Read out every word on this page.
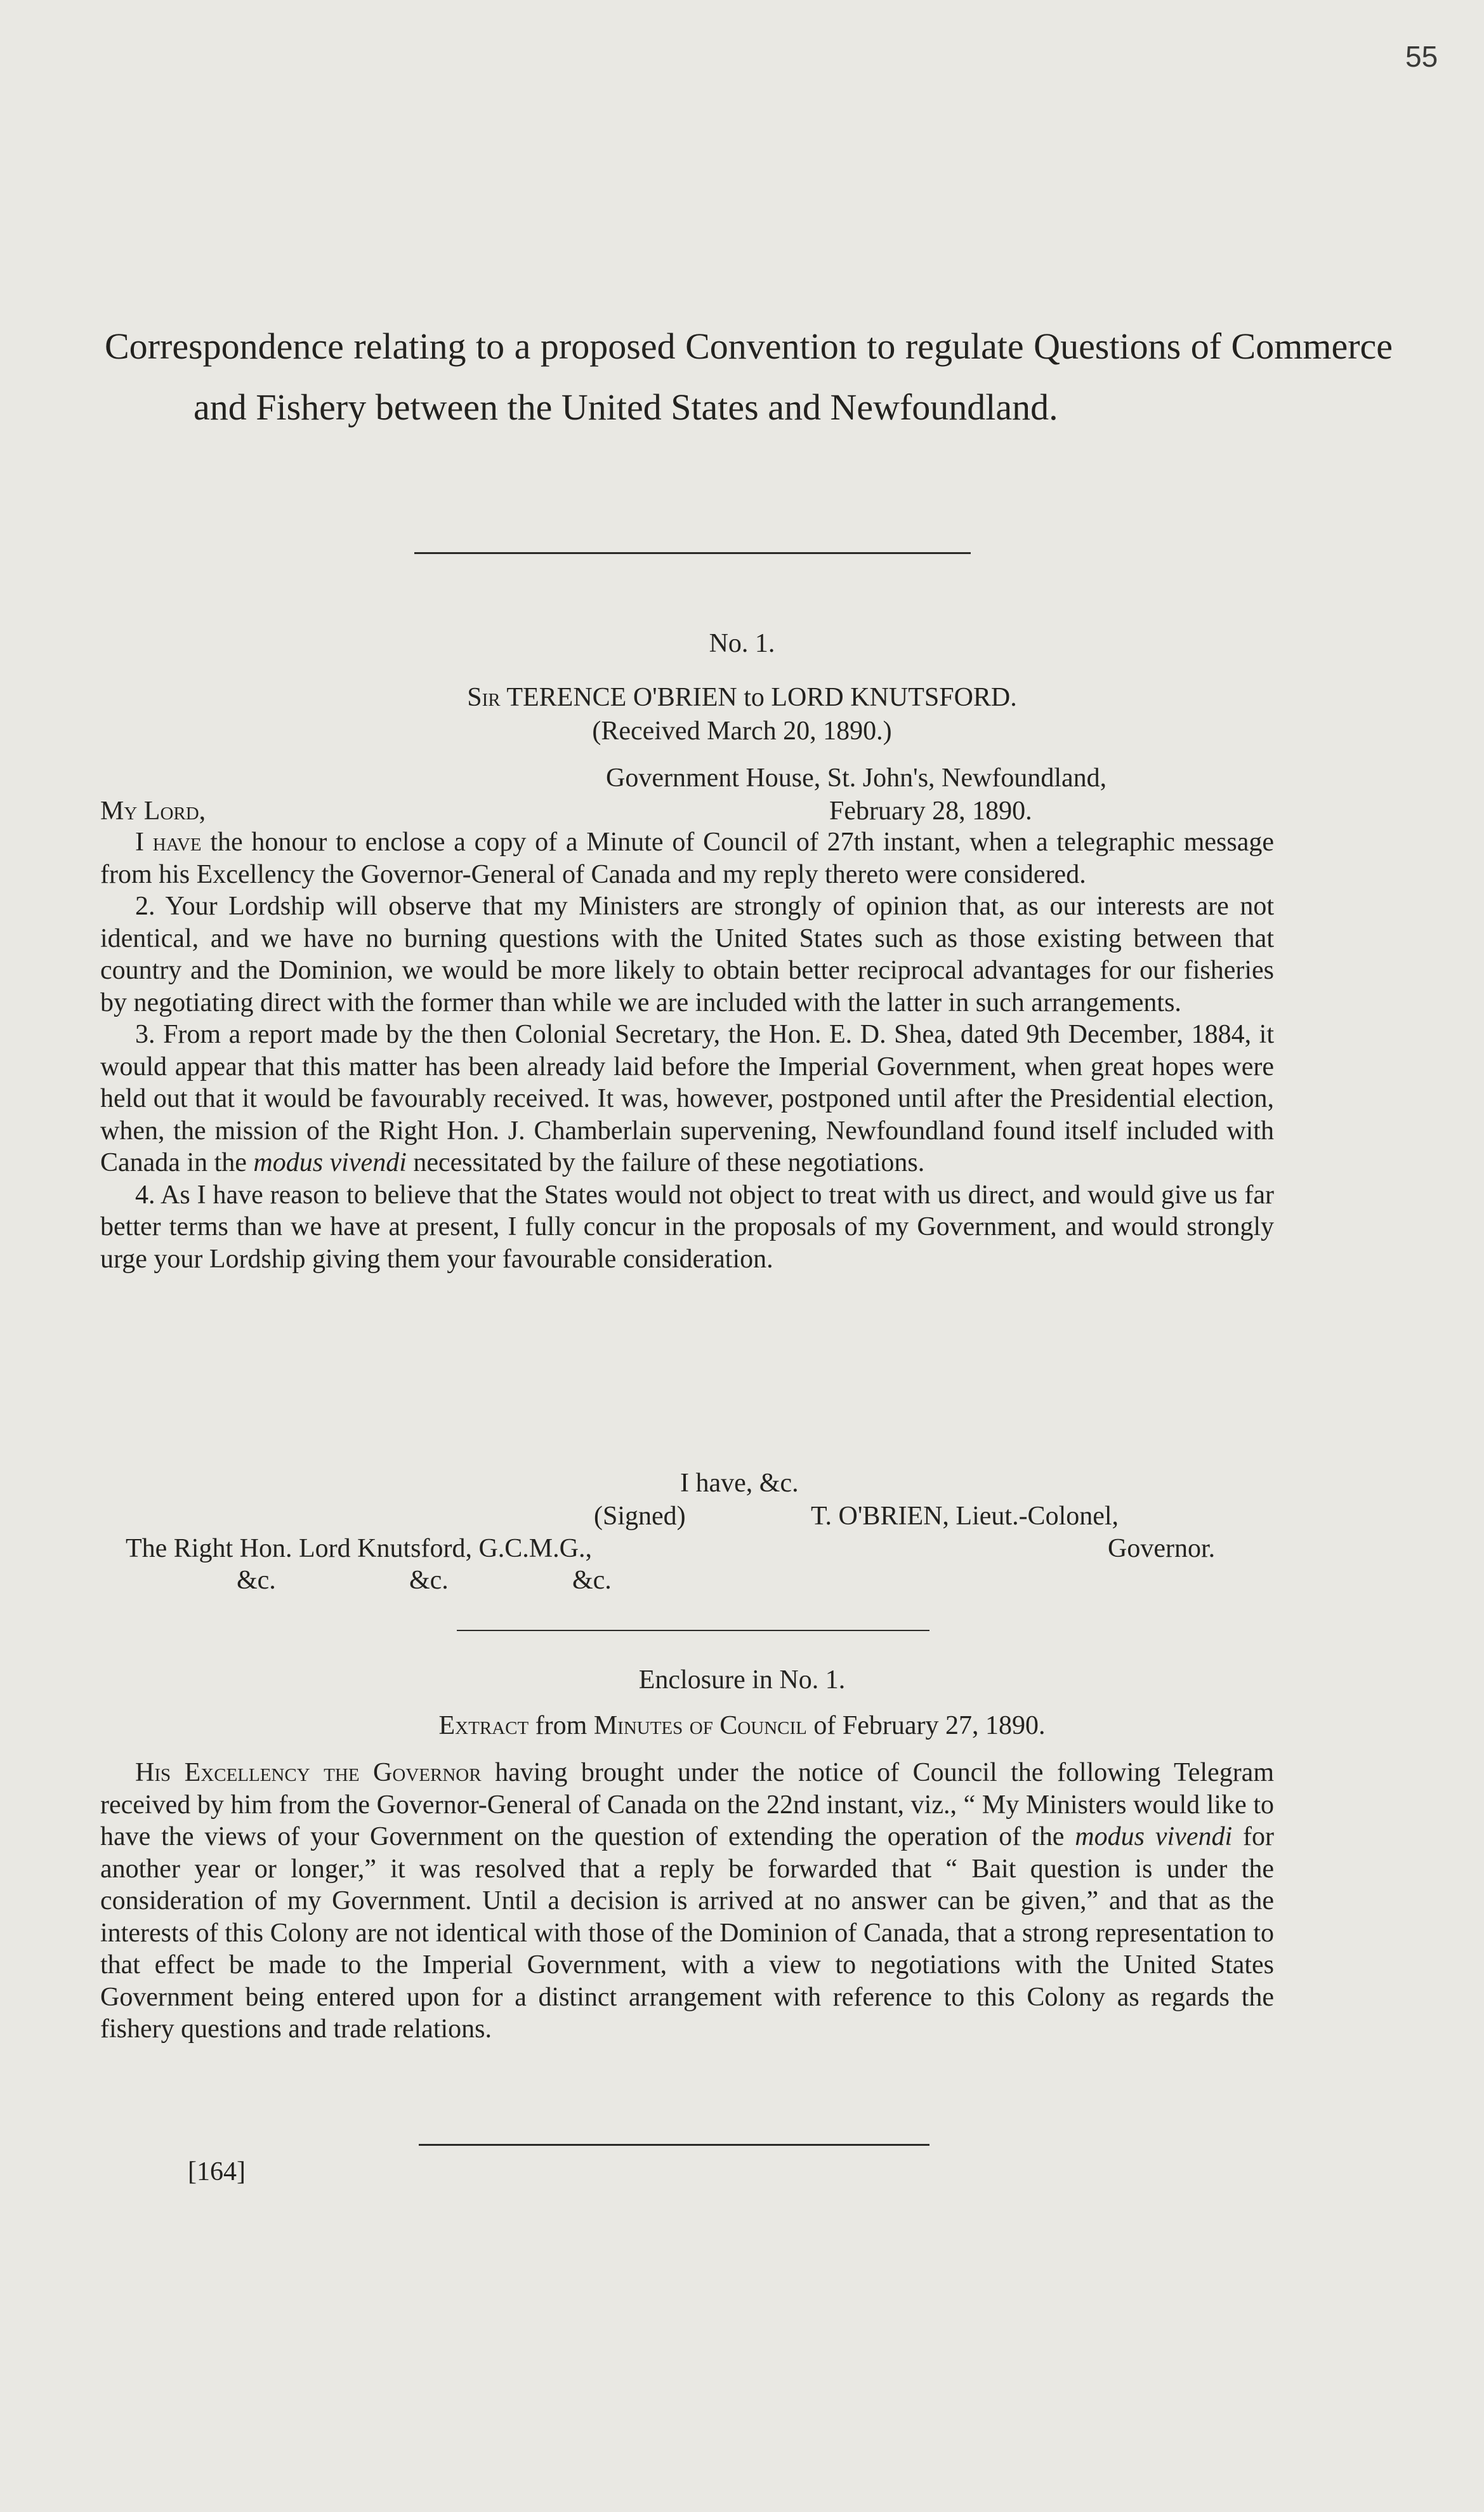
55
Correspondence relating to a proposed Convention to regulate Questions of Commerce and Fishery between the United States and Newfoundland.
No. 1.
Sir TERENCE O'BRIEN to LORD KNUTSFORD.
(Received March 20, 1890.)
Government House, St. John's, Newfoundland,
My Lord,	February 28, 1890.

I have the honour to enclose a copy of a Minute of Council of 27th instant, when a telegraphic message from his Excellency the Governor-General of Canada and my reply thereto were considered.

2. Your Lordship will observe that my Ministers are strongly of opinion that, as our interests are not identical, and we have no burning questions with the United States such as those existing between that country and the Dominion, we would be more likely to obtain better reciprocal advantages for our fisheries by negotiating direct with the former than while we are included with the latter in such arrangements.

3. From a report made by the then Colonial Secretary, the Hon. E. D. Shea, dated 9th December, 1884, it would appear that this matter has been already laid before the Imperial Government, when great hopes were held out that it would be favourably received. It was, however, postponed until after the Presidential election, when, the mission of the Right Hon. J. Chamberlain supervening, Newfoundland found itself included with Canada in the modus vivendi necessitated by the failure of these negotiations.

4. As I have reason to believe that the States would not object to treat with us direct, and would give us far better terms than we have at present, I fully concur in the proposals of my Government, and would strongly urge your Lordship giving them your favourable consideration.

I have, &c.
(Signed)	T. O'BRIEN, Lieut.-Colonel,
The Right Hon. Lord Knutsford, G.C.M.G.,	Governor.
&c.	&c.	&c.
Enclosure in No. 1.
Extract from Minutes of Council of February 27, 1890.

His Excellency the Governor having brought under the notice of Council the following Telegram received by him from the Governor-General of Canada on the 22nd instant, viz., “ My Ministers would like to have the views of your Government on the question of extending the operation of the modus vivendi for another year or longer,” it was resolved that a reply be forwarded that “ Bait question is under the consideration of my Government. Until a decision is arrived at no answer can be given,” and that as the interests of this Colony are not identical with those of the Dominion of Canada, that a strong representation to that effect be made to the Imperial Government, with a view to negotiations with the United States Government being entered upon for a distinct arrangement with reference to this Colony as regards the fishery questions and trade relations.

[164]
